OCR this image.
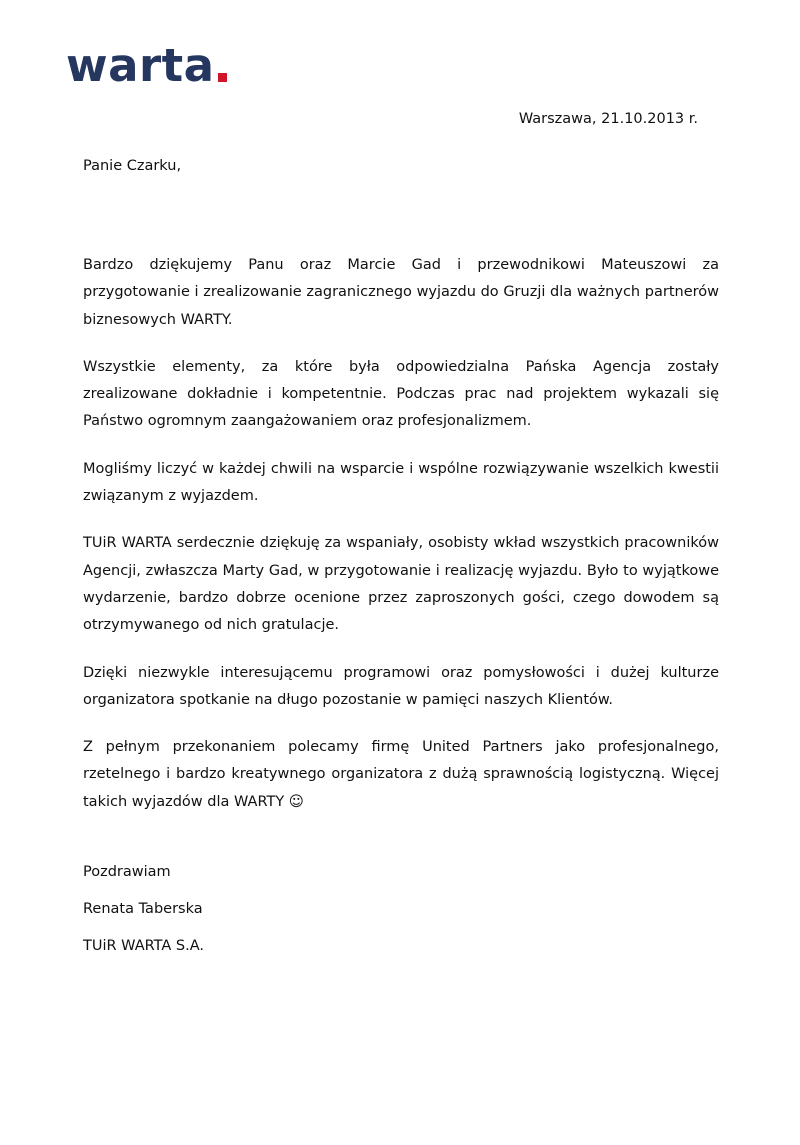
warta
Warszawa, 21.10.2013 r.
Panie Czarku,

Bardzo dziękujemy Panu oraz Marcie Gad i przewodnikowi Mateuszowi za przygotowanie i zrealizowanie zagranicznego wyjazdu do Gruzji dla ważnych partnerów biznesowych WARTY.

Wszystkie elementy, za które była odpowiedzialna Pańska Agencja zostały zrealizowane dokładnie i kompetentnie. Podczas prac nad projektem wykazali się Państwo ogromnym zaangażowaniem oraz profesjonalizmem.

Mogliśmy liczyć w każdej chwili na wsparcie i wspólne rozwiązywanie wszelkich kwestii związanym z wyjazdem.

TUiR WARTA serdecznie dziękuję za wspaniały, osobisty wkład wszystkich pracowników Agencji, zwłaszcza Marty Gad, w przygotowanie i realizację wyjazdu. Było to wyjątkowe wydarzenie, bardzo dobrze ocenione przez zaproszonych gości, czego dowodem są otrzymywanego od nich gratulacje.

Dzięki niezwykle interesującemu programowi oraz pomysłowości i dużej kulturze organizatora spotkanie na długo pozostanie w pamięci naszych Klientów.

Z pełnym przekonaniem polecamy firmę United Partners jako profesjonalnego, rzetelnego i bardzo kreatywnego organizatora z dużą sprawnością logistyczną. Więcej takich wyjazdów dla WARTY ☺

Pozdrawiam
Renata Taberska
TUiR WARTA S.A.
